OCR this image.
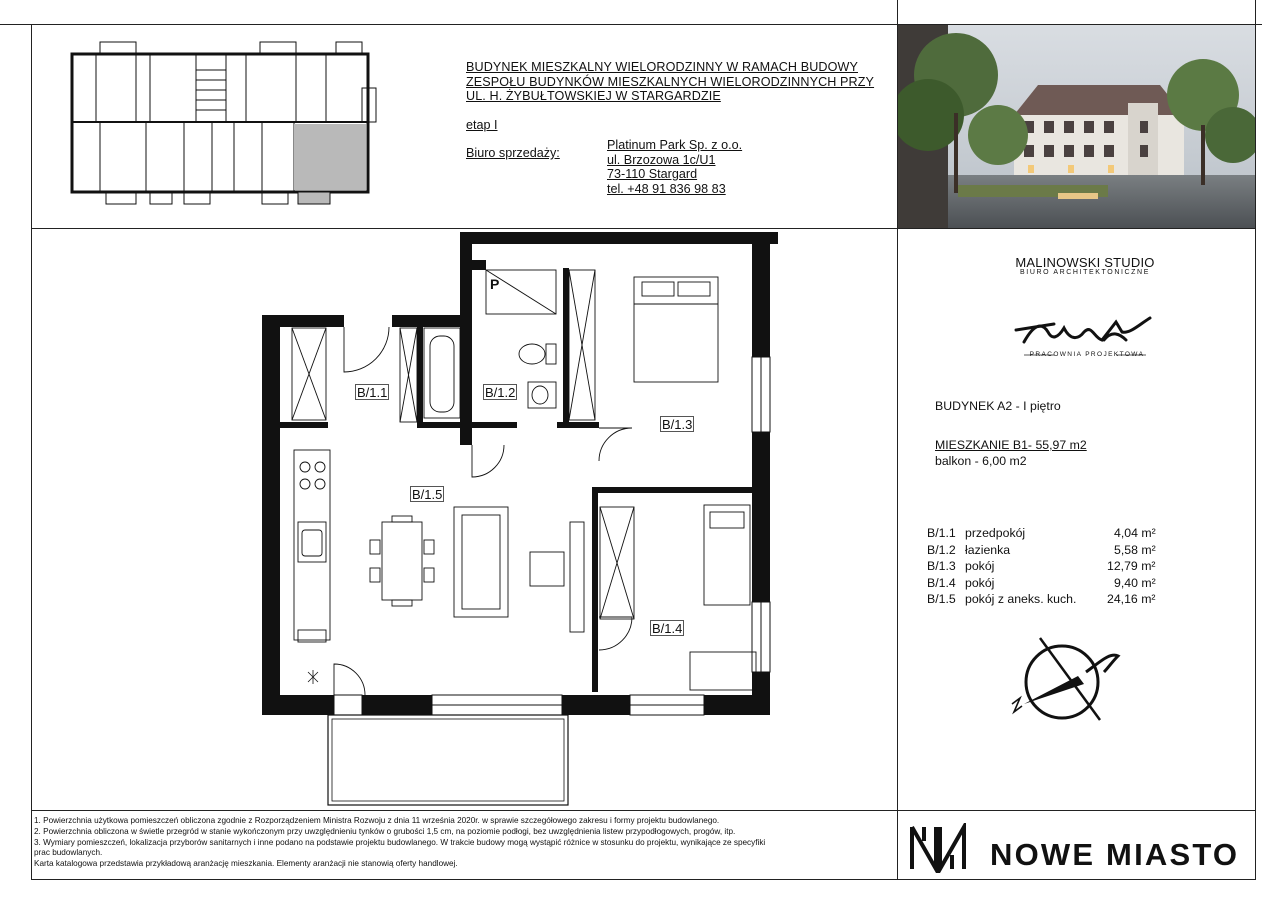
BUDYNEK MIESZKALNY WIELORODZINNY W RAMACH BUDOWY
ZESPOŁU BUDYNKÓW MIESZKALNYCH WIELORODZINNYCH PRZY
UL. H. ŻYBUŁTOWSKIEJ W STARGARDZIE
etap I
Biuro sprzedaży:
Platinum Park Sp. z o.o.
ul. Brzozowa 1c/U1
73-110 Stargard
tel. +48 91 836 98 83
MALINOWSKI STUDIO
BIURO ARCHITEKTONICZNE
PRACOWNIA PROJEKTOWA
BUDYNEK A2 - I piętro
MIESZKANIE B1- 55,97 m2
balkon - 6,00 m2
B/1.1 przedpokój	4,04 m²
B/1.2 łazienka	5,58 m²
B/1.3 pokój	12,79 m²
B/1.4 pokój	9,40 m²
B/1.5 pokój z aneks. kuch. 24,16 m²
B/1.1	B/1.2
B/1.3
B/1.4
B/1.5
P
1. Powierzchnia użytkowa pomieszczeń obliczona zgodnie z Rozporządzeniem Ministra Rozwoju z dnia 11 września 2020r. w sprawie szczegółowego zakresu i formy projektu budowlanego.
2. Powierzchnia obliczona w świetle przegród w stanie wykończonym przy uwzględnieniu tynków o grubości 1,5 cm, na poziomie podłogi, bez uwzględnienia listew przypodłogowych, progów, itp.
3. Wymiary pomieszczeń, lokalizacja przyborów sanitarnych i inne podano na podstawie projektu budowlanego. W trakcie budowy mogą wystąpić różnice w stosunku do projektu, wynikające ze specyfiki
prac budowlanych.
Karta katalogowa przedstawia przykładową aranżację mieszkania. Elementy aranżacji nie stanowią oferty handlowej.	NOWE MIASTO
